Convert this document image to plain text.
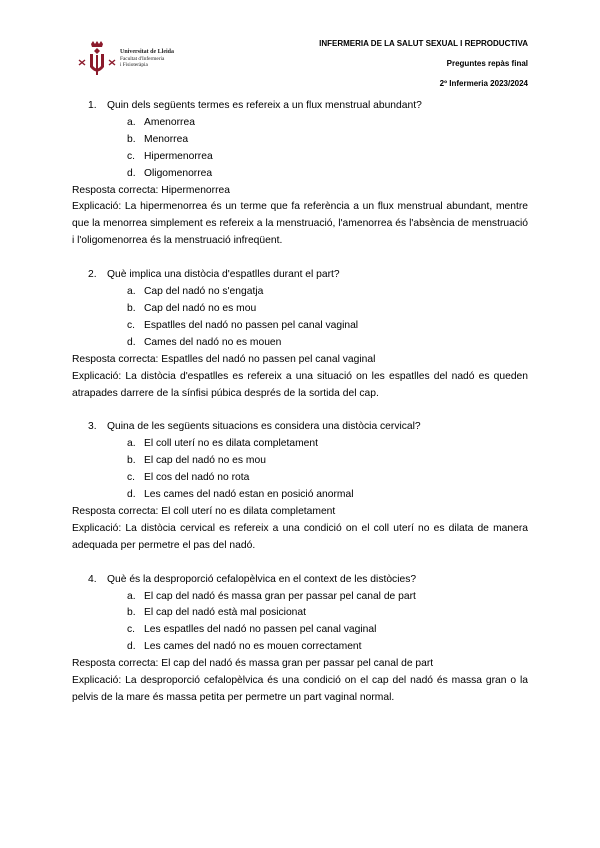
Universitat de Lleida
Facultat d'Infermeria
i Fisioteràpia
INFERMERIA DE LA SALUT SEXUAL I REPRODUCTIVA
Preguntes repàs final
2º Infermeria 2023/2024
1. Quin dels següents termes es refereix a un flux menstrual abundant?
a. Amenorrea
b. Menorrea
c. Hipermenorrea
d. Oligomenorrea
Resposta correcta: Hipermenorrea
Explicació: La hipermenorrea és un terme que fa referència a un flux menstrual abundant, mentre que la menorrea simplement es refereix a la menstruació, l'amenorrea és l'absència de menstruació i l'oligomenorrea és la menstruació infreqüent.
2. Què implica una distòcia d'espatlles durant el part?
a. Cap del nadó no s'engatja
b. Cap del nadó no es mou
c. Espatlles del nadó no passen pel canal vaginal
d. Cames del nadó no es mouen
Resposta correcta: Espatlles del nadó no passen pel canal vaginal
Explicació: La distòcia d'espatlles es refereix a una situació on les espatlles del nadó es queden atrapades darrere de la sínfisi púbica després de la sortida del cap.
3. Quina de les següents situacions es considera una distòcia cervical?
a. El coll uterí no es dilata completament
b. El cap del nadó no es mou
c. El cos del nadó no rota
d. Les cames del nadó estan en posició anormal
Resposta correcta: El coll uterí no es dilata completament
Explicació: La distòcia cervical es refereix a una condició on el coll uterí no es dilata de manera adequada per permetre el pas del nadó.
4. Què és la desproporció cefalopèlvica en el context de les distòcies?
a. El cap del nadó és massa gran per passar pel canal de part
b. El cap del nadó està mal posicionat
c. Les espatlles del nadó no passen pel canal vaginal
d. Les cames del nadó no es mouen correctament
Resposta correcta: El cap del nadó és massa gran per passar pel canal de part
Explicació: La desproporció cefalopèlvica és una condició on el cap del nadó és massa gran o la pelvis de la mare és massa petita per permetre un part vaginal normal.
